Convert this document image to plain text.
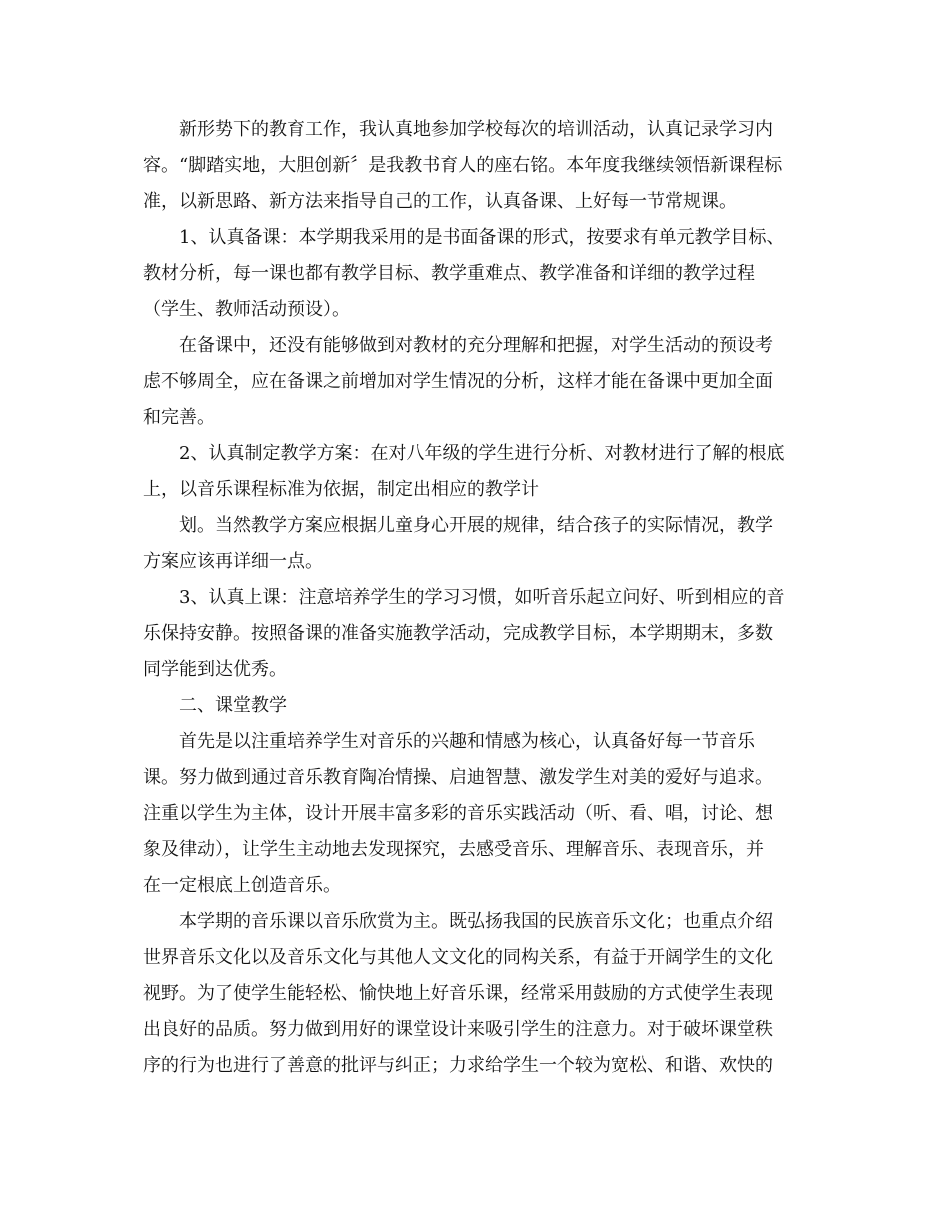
新形势下的教育工作，我认真地参加学校每次的培训活动，认真记录学习内
容。“脚踏实地，大胆创新〞是我教书育人的座右铭。本年度我继续领悟新课程标
准，以新思路、新方法来指导自己的工作，认真备课、上好每一节常规课。
1、认真备课：本学期我采用的是书面备课的形式，按要求有单元教学目标、
教材分析，每一课也都有教学目标、教学重难点、教学准备和详细的教学过程
（学生、教师活动预设）。
在备课中，还没有能够做到对教材的充分理解和把握，对学生活动的预设考
虑不够周全，应在备课之前增加对学生情况的分析，这样才能在备课中更加全面
和完善。
2、认真制定教学方案：在对八年级的学生进行分析、对教材进行了解的根底
上，以音乐课程标准为依据，制定出相应的教学计
划。当然教学方案应根据儿童身心开展的规律，结合孩子的实际情况，教学
方案应该再详细一点。
3、认真上课：注意培养学生的学习习惯，如听音乐起立问好、听到相应的音
乐保持安静。按照备课的准备实施教学活动，完成教学目标，本学期期末，多数
同学能到达优秀。
二、课堂教学
首先是以注重培养学生对音乐的兴趣和情感为核心，认真备好每一节音乐
课。努力做到通过音乐教育陶冶情操、启迪智慧、激发学生对美的爱好与追求。
注重以学生为主体，设计开展丰富多彩的音乐实践活动（听、看、唱，讨论、想
象及律动），让学生主动地去发现探究，去感受音乐、理解音乐、表现音乐，并
在一定根底上创造音乐。
本学期的音乐课以音乐欣赏为主。既弘扬我国的民族音乐文化；也重点介绍
世界音乐文化以及音乐文化与其他人文文化的同构关系，有益于开阔学生的文化
视野。为了使学生能轻松、愉快地上好音乐课，经常采用鼓励的方式使学生表现
出良好的品质。努力做到用好的课堂设计来吸引学生的注意力。对于破坏课堂秩
序的行为也进行了善意的批评与纠正；力求给学生一个较为宽松、和谐、欢快的
